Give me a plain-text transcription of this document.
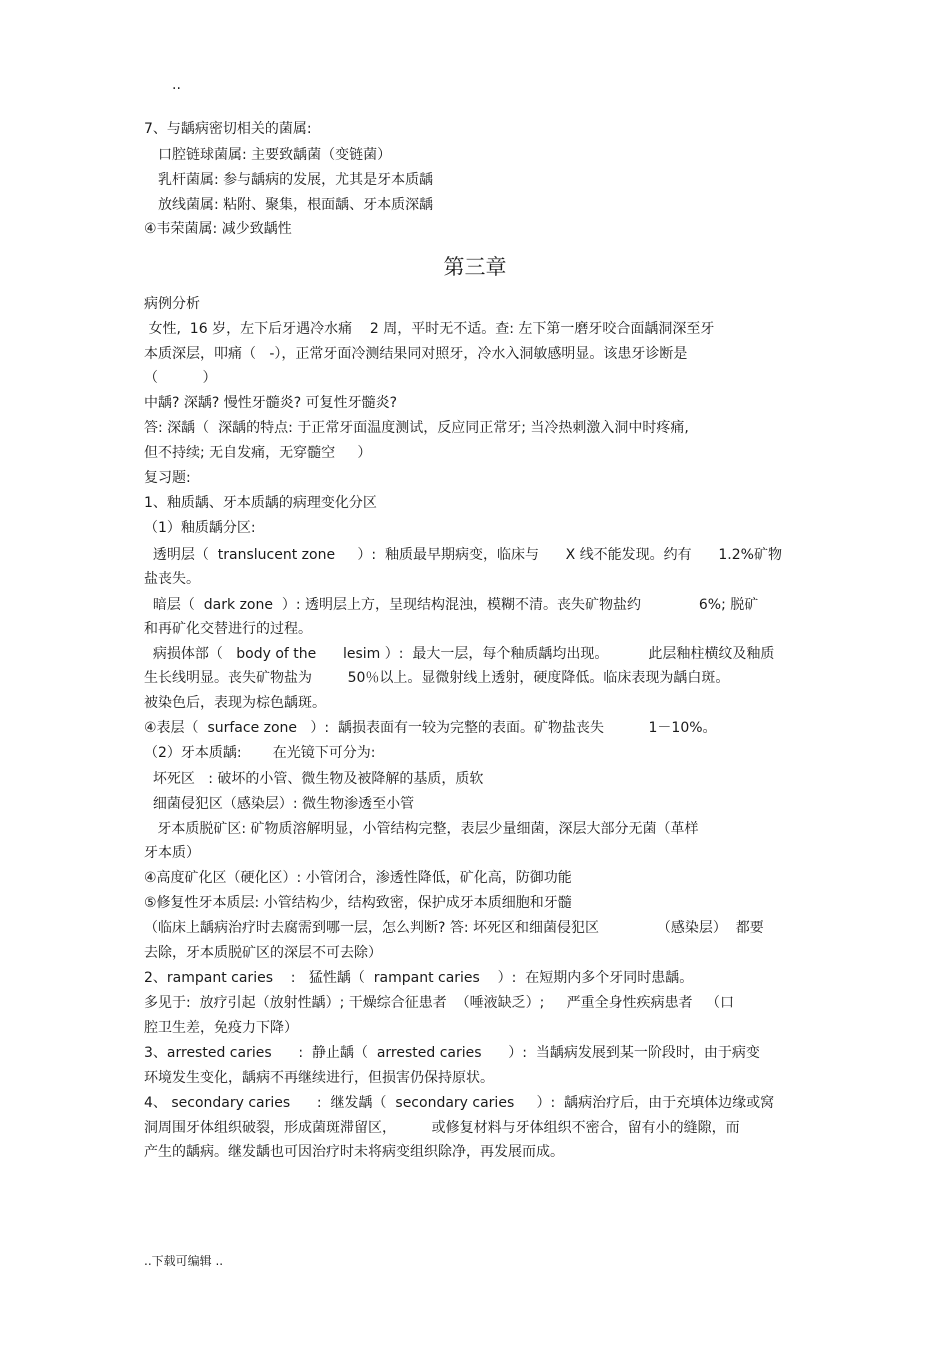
..
7、与龋病密切相关的菌属:
口腔链球菌属: 主要致龋菌（变链菌）
乳杆菌属: 参与龋病的发展，尤其是牙本质龋
放线菌属: 粘附、聚集，根面龋、牙本质深龋
④韦荣菌属: 减少致龋性
第三章
病例分析
女性,  16 岁，左下后牙遇冷水痛    2 周，平时无不适。查: 左下第一磨牙咬合面龋洞深至牙
本质深层，叩痛（   -），正常牙面冷测结果同对照牙，冷水入洞敏感明显。该患牙诊断是
（          ）
中龋? 深龋? 慢性牙髓炎? 可复性牙髓炎?
答: 深龋（  深龋的特点: 于正常牙面温度测试，反应同正常牙; 当冷热刺激入洞中时疼痛,
但不持续; 无自发痛，无穿髓空     ）
复习题:
1、釉质龋、牙本质龋的病理变化分区
（1）釉质龋分区:
透明层（  translucent zone     ）:  釉质最早期病变，临床与      X 线不能发现。约有      1.2%矿物
盐丧失。
暗层（  dark zone  ）: 透明层上方，呈现结构混浊，模糊不清。丧失矿物盐约             6%; 脱矿
和再矿化交替进行的过程。
病损体部（   body of the      lesim ）:  最大一层，每个釉质龋均出现。         此层釉柱横纹及釉质
生长线明显。丧失矿物盐为        50％以上。显微射线上透射，硬度降低。临床表现为龋白斑。
被染色后，表现为棕色龋斑。
④表层（  surface zone   ）:  龋损表面有一较为完整的表面。矿物盐丧失          1－10%。
（2）牙本质龋:       在光镜下可分为:
坏死区   : 破坏的小管、微生物及被降解的基质，质软
细菌侵犯区（感染层）: 微生物渗透至小管
牙本质脱矿区: 矿物质溶解明显，小管结构完整，表层少量细菌，深层大部分无菌（革样
牙本质）
④高度矿化区（硬化区）: 小管闭合，渗透性降低，矿化高，防御功能
⑤修复性牙本质层: 小管结构少，结构致密，保护成牙本质细胞和牙髓
（临床上龋病治疗时去腐需到哪一层，怎么判断? 答: 坏死区和细菌侵犯区             （感染层）  都要
去除，牙本质脱矿区的深层不可去除）
2、rampant caries    :   猛性龋（  rampant caries    ）:  在短期内多个牙同时患龋。
多见于:  放疗引起（放射性龋）; 干燥综合征患者  （唾液缺乏）;     严重全身性疾病患者   （口
腔卫生差，免疫力下降）
3、arrested caries      :  静止龋（  arrested caries      ）:  当龋病发展到某一阶段时，由于病变
环境发生变化，龋病不再继续进行，但损害仍保持原状。
4、 secondary caries      :  继发龋（  secondary caries     ）:  龋病治疗后，由于充填体边缘或窝
洞周围牙体组织破裂，形成菌斑滞留区，        或修复材料与牙体组织不密合，留有小的缝隙，而
产生的龋病。继发龋也可因治疗时未将病变组织除净，再发展而成。
..下载可编辑 ..
